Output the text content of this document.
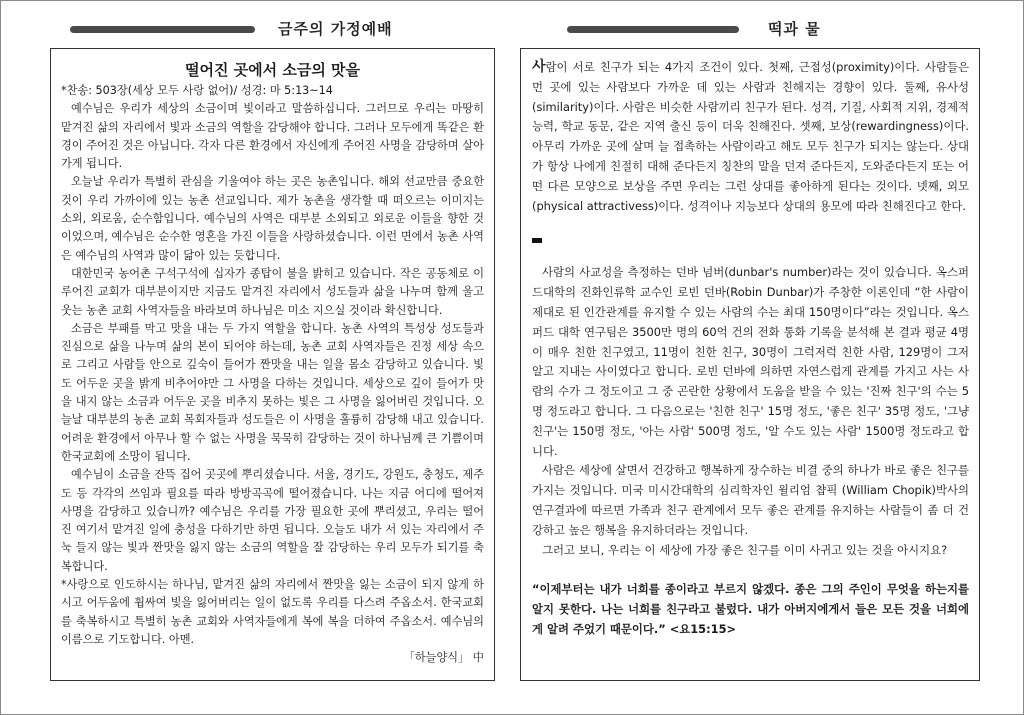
금주의 가정예배	떡과 물
떨어진 곳에서 소금의 맛을

*찬송: 503장(세상 모두 사랑 없어)/ 성경: 마 5:13~14

예수님은 우리가 세상의 소금이며 빛이라고 말씀하십니다. 그러므로 우리는 마땅히 맡겨진 삶의 자리에서 빛과 소금의 역할을 감당해야 합니다. 그러나 모두에게 똑같은 환경이 주어진 것은 아닙니다. 각자 다른 환경에서 자신에게 주어진 사명을 감당하며 살아가게 됩니다.

오늘날 우리가 특별히 관심을 기울여야 하는 곳은 농촌입니다. 해외 선교만큼 중요한 것이 우리 가까이에 있는 농촌 선교입니다. 제가 농촌을 생각할 때 떠오르는 이미지는 소외, 외로움, 순수함입니다. 예수님의 사역은 대부분 소외되고 외로운 이들을 향한 것이었으며, 예수님은 순수한 영혼을 가진 이들을 사랑하셨습니다. 이런 면에서 농촌 사역은 예수님의 사역과 많이 닮아 있는 듯합니다.

대한민국 농어촌 구석구석에 십자가 종탑이 불을 밝히고 있습니다. 작은 공동체로 이루어진 교회가 대부분이지만 지금도 맡겨진 자리에서 성도들과 삶을 나누며 함께 울고 웃는 농촌 교회 사역자들을 바라보며 하나님은 미소 지으실 것이라 확신합니다.

소금은 부패를 막고 맛을 내는 두 가지 역할을 합니다. 농촌 사역의 특성상 성도들과 진심으로 삶을 나누며 삶의 본이 되어야 하는데, 농촌 교회 사역자들은 진정 세상 속으로 그리고 사람들 안으로 깊숙이 들어가 짠맛을 내는 일을 몸소 감당하고 있습니다. 빛도 어두운 곳을 밝게 비추어야만 그 사명을 다하는 것입니다. 세상으로 깊이 들어가 맛을 내지 않는 소금과 어두운 곳을 비추지 못하는 빛은 그 사명을 잃어버린 것입니다. 오늘날 대부분의 농촌 교회 목회자들과 성도들은 이 사명을 훌륭히 감당해 내고 있습니다. 어려운 환경에서 아무나 할 수 없는 사명을 묵묵히 감당하는 것이 하나님께 큰 기쁨이며 한국교회에 소망이 됩니다.

예수님이 소금을 잔뜩 집어 곳곳에 뿌리셨습니다. 서울, 경기도, 강원도, 충청도, 제주도 등 각각의 쓰임과 필요를 따라 방방곡곡에 떨어졌습니다. 나는 지금 어디에 떨어져 사명을 감당하고 있습니까? 예수님은 우리를 가장 필요한 곳에 뿌리셨고, 우리는 떨어진 여기서 맡겨진 일에 충성을 다하기만 하면 됩니다. 오늘도 내가 서 있는 자리에서 주눅 들지 않는 빛과 짠맛을 잃지 않는 소금의 역할을 잘 감당하는 우리 모두가 되기를 축복합니다.

*사랑으로 인도하시는 하나님, 맡겨진 삶의 자리에서 짠맛을 잃는 소금이 되지 않게 하시고 어두움에 휩싸여 빛을 잃어버리는 일이 없도록 우리를 다스려 주옵소서. 한국교회를 축복하시고 특별히 농촌 교회와 사역자들에게 복에 복을 더하여 주옵소서. 예수님의 이름으로 기도합니다. 아멘.

「하늘양식」 中

사람이 서로 친구가 되는 4가지 조건이 있다. 첫째, 근접성(proximity)이다. 사람들은 먼 곳에 있는 사람보다 가까운 데 있는 사람과 친해지는 경향이 있다. 둘째, 유사성(similarity)이다. 사람은 비슷한 사람끼리 친구가 된다. 성격, 기질, 사회적 지위, 경제적 능력, 학교 동문, 같은 지역 출신 등이 더욱 친해진다. 셋째, 보상(rewardingness)이다. 아무리 가까운 곳에 살며 늘 접촉하는 사람이라고 해도 모두 친구가 되지는 않는다. 상대가 항상 나에게 친절히 대해 준다든지 칭찬의 말을 던져 준다든지, 도와준다든지 또는 어떤 다른 모양으로 보상을 주면 우리는 그런 상대를 좋아하게 된다는 것이다. 넷째, 외모(physical attractivess)이다. 성격이나 지능보다 상대의 용모에 따라 친해진다고 한다.

사람의 사교성을 측정하는 던바 넘버(dunbar's number)라는 것이 있습니다. 옥스퍼드대학의 진화인류학 교수인 로빈 던바(Robin Dunbar)가 주창한 이론인데 “한 사람이 제대로 된 인간관계를 유지할 수 있는 사람의 수는 최대 150명이다”라는 것입니다. 옥스퍼드 대학 연구팀은 3500만 명의 60억 건의 전화 통화 기록을 분석해 본 결과 평균 4명이 매우 친한 친구였고, 11명이 친한 친구, 30명이 그럭저럭 친한 사람, 129명이 그저 알고 지내는 사이였다고 합니다. 로빈 던바에 의하면 자연스럽게 관계를 가지고 사는 사람의 수가 그 정도이고 그 중 곤란한 상황에서 도움을 받을 수 있는 '진짜 친구'의 수는 5명 정도라고 합니다. 그 다음으로는 '친한 친구' 15명 정도, '좋은 친구' 35명 정도, '그냥 친구'는 150명 정도, '아는 사람' 500명 정도, '알 수도 있는 사람' 1500명 정도라고 합니다.

사람은 세상에 살면서 건강하고 행복하게 장수하는 비결 중의 하나가 바로 좋은 친구를 가지는 것입니다. 미국 미시간대학의 심리학자인 윌리엄 챱픽 (William Chopik)박사의 연구결과에 따르면 가족과 친구 관계에서 모두 좋은 관계를 유지하는 사람들이 좀 더 건강하고 높은 행복을 유지하더라는 것입니다.

그러고 보니, 우리는 이 세상에 가장 좋은 친구를 이미 사귀고 있는 것을 아시지요?

“이제부터는 내가 너희를 종이라고 부르지 않겠다. 종은 그의 주인이 무엇을 하는지를 알지 못한다. 나는 너희를 친구라고 불렀다. 내가 아버지에게서 들은 모든 것을 너희에게 알려 주었기 때문이다.” <요15:15>
